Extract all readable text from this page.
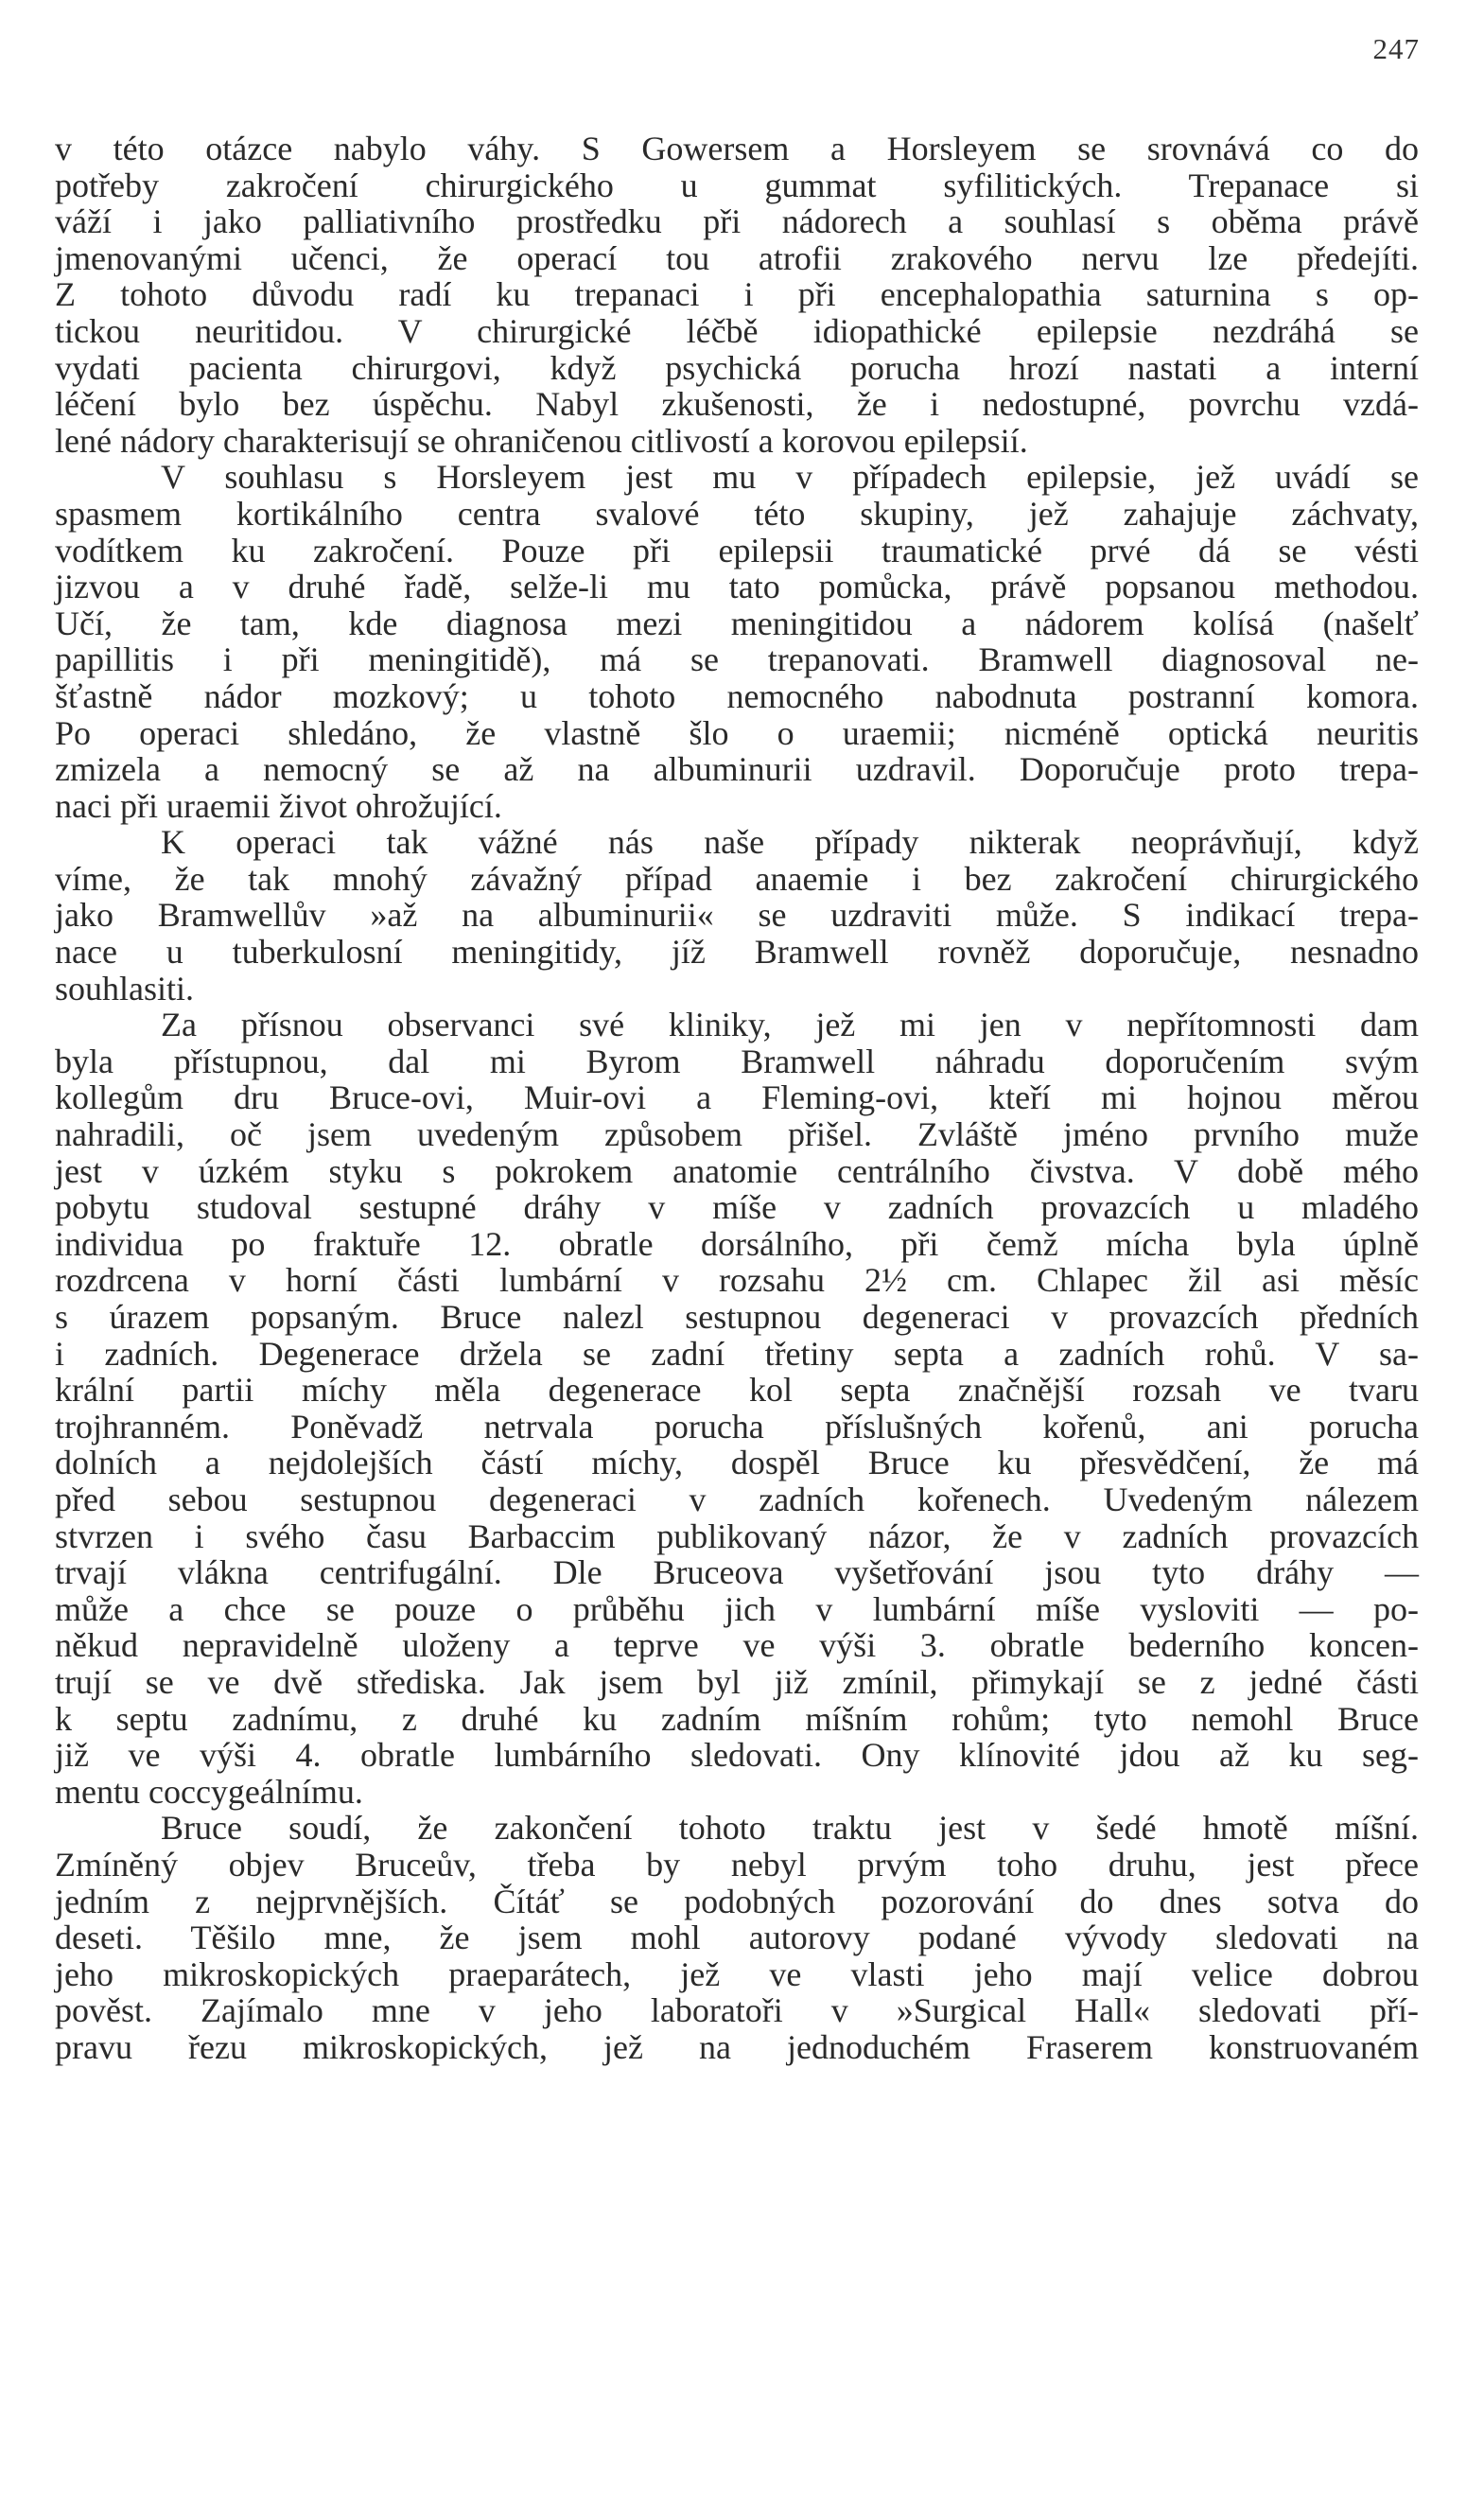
247
v této otázce nabylo váhy. S Gowersem a Horsleyem se srovnává co do
potřeby zakročení chirurgického u gummat syfilitických. Trepanace si
váží i jako palliativního prostředku při nádorech a souhlasí s oběma právě
jmenovanými učenci, že operací tou atrofii zrakového nervu lze předejíti.
Z tohoto důvodu radí ku trepanaci i při encephalopathia saturnina s op-
tickou neuritidou. V chirurgické léčbě idiopathické epilepsie nezdráhá se
vydati pacienta chirurgovi, když psychická porucha hrozí nastati a interní
léčení bylo bez úspěchu. Nabyl zkušenosti, že i nedostupné, povrchu vzdá-
lené nádory charakterisují se ohraničenou citlivostí a korovou epilepsií.
V souhlasu s Horsleyem jest mu v případech epilepsie, jež uvádí se
spasmem kortikálního centra svalové této skupiny, jež zahajuje záchvaty,
vodítkem ku zakročení. Pouze při epilepsii traumatické prvé dá se vésti
jizvou a v druhé řadě, selže-li mu tato pomůcka, právě popsanou methodou.
Učí, že tam, kde diagnosa mezi meningitidou a nádorem kolísá (našelť
papillitis i při meningitidě), má se trepanovati. Bramwell diagnosoval ne-
šťastně nádor mozkový; u tohoto nemocného nabodnuta postranní komora.
Po operaci shledáno, že vlastně šlo o uraemii; nicméně optická neuritis
zmizela a nemocný se až na albuminurii uzdravil. Doporučuje proto trepa-
naci při uraemii život ohrožující.
K operaci tak vážné nás naše případy nikterak neoprávňují, když
víme, že tak mnohý závažný případ anaemie i bez zakročení chirurgického
jako Bramwellův »až na albuminurii« se uzdraviti může. S indikací trepa-
nace u tuberkulosní meningitidy, jíž Bramwell rovněž doporučuje, nesnadno
souhlasiti.
Za přísnou observanci své kliniky, jež mi jen v nepřítomnosti dam
byla přístupnou, dal mi Byrom Bramwell náhradu doporučením svým
kollegům dru Bruce-ovi, Muir-ovi a Fleming-ovi, kteří mi hojnou měrou
nahradili, oč jsem uvedeným způsobem přišel. Zvláště jméno prvního muže
jest v úzkém styku s pokrokem anatomie centrálního čivstva. V době mého
pobytu studoval sestupné dráhy v míše v zadních provazcích u mladého
individua po fraktuře 12. obratle dorsálního, při čemž mícha byla úplně
rozdrcena v horní části lumbární v rozsahu 2½ cm. Chlapec žil asi měsíc
s úrazem popsaným. Bruce nalezl sestupnou degeneraci v provazcích předních
i zadních. Degenerace držela se zadní třetiny septa a zadních rohů. V sa-
krální partii míchy měla degenerace kol septa značnější rozsah ve tvaru
trojhranném. Poněvadž netrvala porucha příslušných kořenů, ani porucha
dolních a nejdolejších částí míchy, dospěl Bruce ku přesvědčení, že má
před sebou sestupnou degeneraci v zadních kořenech. Uvedeným nálezem
stvrzen i svého času Barbaccim publikovaný názor, že v zadních provazcích
trvají vlákna centrifugální. Dle Bruceova vyšetřování jsou tyto dráhy —
může a chce se pouze o průběhu jich v lumbární míše vysloviti — po-
někud nepravidelně uloženy a teprve ve výši 3. obratle bederního koncen-
trují se ve dvě střediska. Jak jsem byl již zmínil, přimykají se z jedné části
k septu zadnímu, z druhé ku zadním míšním rohům; tyto nemohl Bruce
již ve výši 4. obratle lumbárního sledovati. Ony klínovité jdou až ku seg-
mentu coccygeálnímu.
Bruce soudí, že zakončení tohoto traktu jest v šedé hmotě míšní.
Zmíněný objev Bruceův, třeba by nebyl prvým toho druhu, jest přece
jedním z nejprvnějších. Čítáť se podobných pozorování do dnes sotva do
deseti. Těšilo mne, že jsem mohl autorovy podané vývody sledovati na
jeho mikroskopických praeparátech, jež ve vlasti jeho mají velice dobrou
pověst. Zajímalo mne v jeho laboratoři v »Surgical Hall« sledovati pří-
pravu řezu mikroskopických, jež na jednoduchém Fraserem konstruovaném
